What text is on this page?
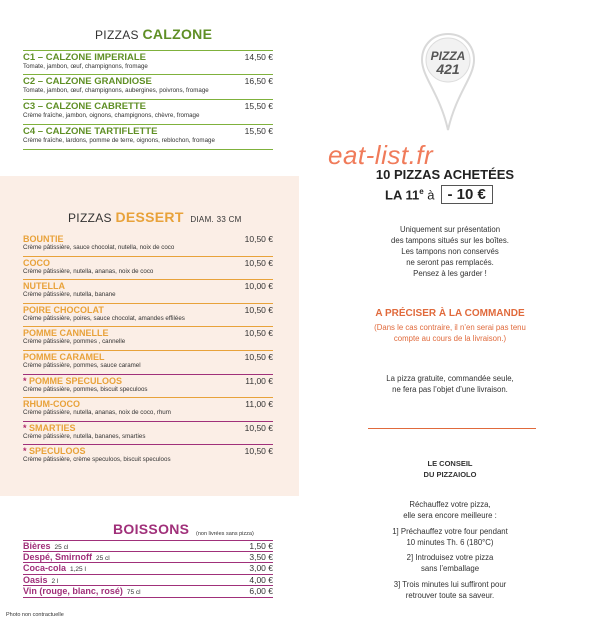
PIZZAS CALZONE
C1 – CALZONE IMPERIALE	14,50 €
Tomate, jambon, œuf, champignons, fromage
C2 – CALZONE GRANDIOSE	16,50 €
Tomate, jambon, œuf, champignons, aubergines, poivrons, fromage
C3 – CALZONE CABRETTE	15,50 €
Crème fraîche, jambon, oignons, champignons, chèvre, fromage
C4 – CALZONE TARTIFLETTE	15,50 €
Crème fraîche, lardons, pomme de terre, oignons, reblochon, fromage
PIZZAS DESSERT DIAM. 33 CM
BOUNTIE	10,50 €
Crème pâtissière, sauce chocolat, nutella, noix de coco
COCO	10,50 €
Crème pâtissière, nutella, ananas, noix de coco
NUTELLA	10,00 €
Crème pâtissière, nutella, banane
POIRE CHOCOLAT	10,50 €
Crème pâtissière, poires, sauce chocolat, amandes effilées
POMME CANNELLE	10,50 €
Crème pâtissière, pommes , cannelle
POMME CARAMEL	10,50 €
Crème pâtissière, pommes, sauce caramel
* POMME SPECULOOS	11,00 €
Crème pâtissière, pommes, biscuit speculoos
RHUM-COCO	11,00 €
Crème pâtissière, nutella, ananas, noix de coco, rhum
* SMARTIES	10,50 €
Crème pâtissière, nutella, bananes, smarties
* SPECULOOS	10,50 €
Crème pâtissière, crème speculoos, biscuit speculoos
BOISSONS (non livrées sans pizza)
Bières 25 cl	1,50 €
Despé, Smirnoff 25 cl	3,50 €
Coca-cola 1,25 l	3,00 €
Oasis 2 l	4,00 €
Vin (rouge, blanc, rosé) 75 cl	6,00 €
Photo non contractuelle
PIZZA
421
eat-list.fr
10 PIZZAS ACHETÉES
LA 11e à - 10 €
Uniquement sur présentation
des tampons situés sur les boîtes.
Les tampons non conservés
ne seront pas remplacés.
Pensez à les garder !
A PRÉCISER À LA COMMANDE
(Dans le cas contraire, il n’en serai pas tenu
compte au cours de la livraison.)
La pizza gratuite, commandée seule,
ne fera pas l’objet d’une livraison.
LE CONSEIL
DU PIZZAIOLO
Réchauffez votre pizza,
elle sera encore meilleure :
1] Préchauffez votre four pendant
10 minutes Th. 6 (180°C)
2] Introduisez votre pizza
sans l’emballage
3] Trois minutes lui suffiront pour
retrouver toute sa saveur.
